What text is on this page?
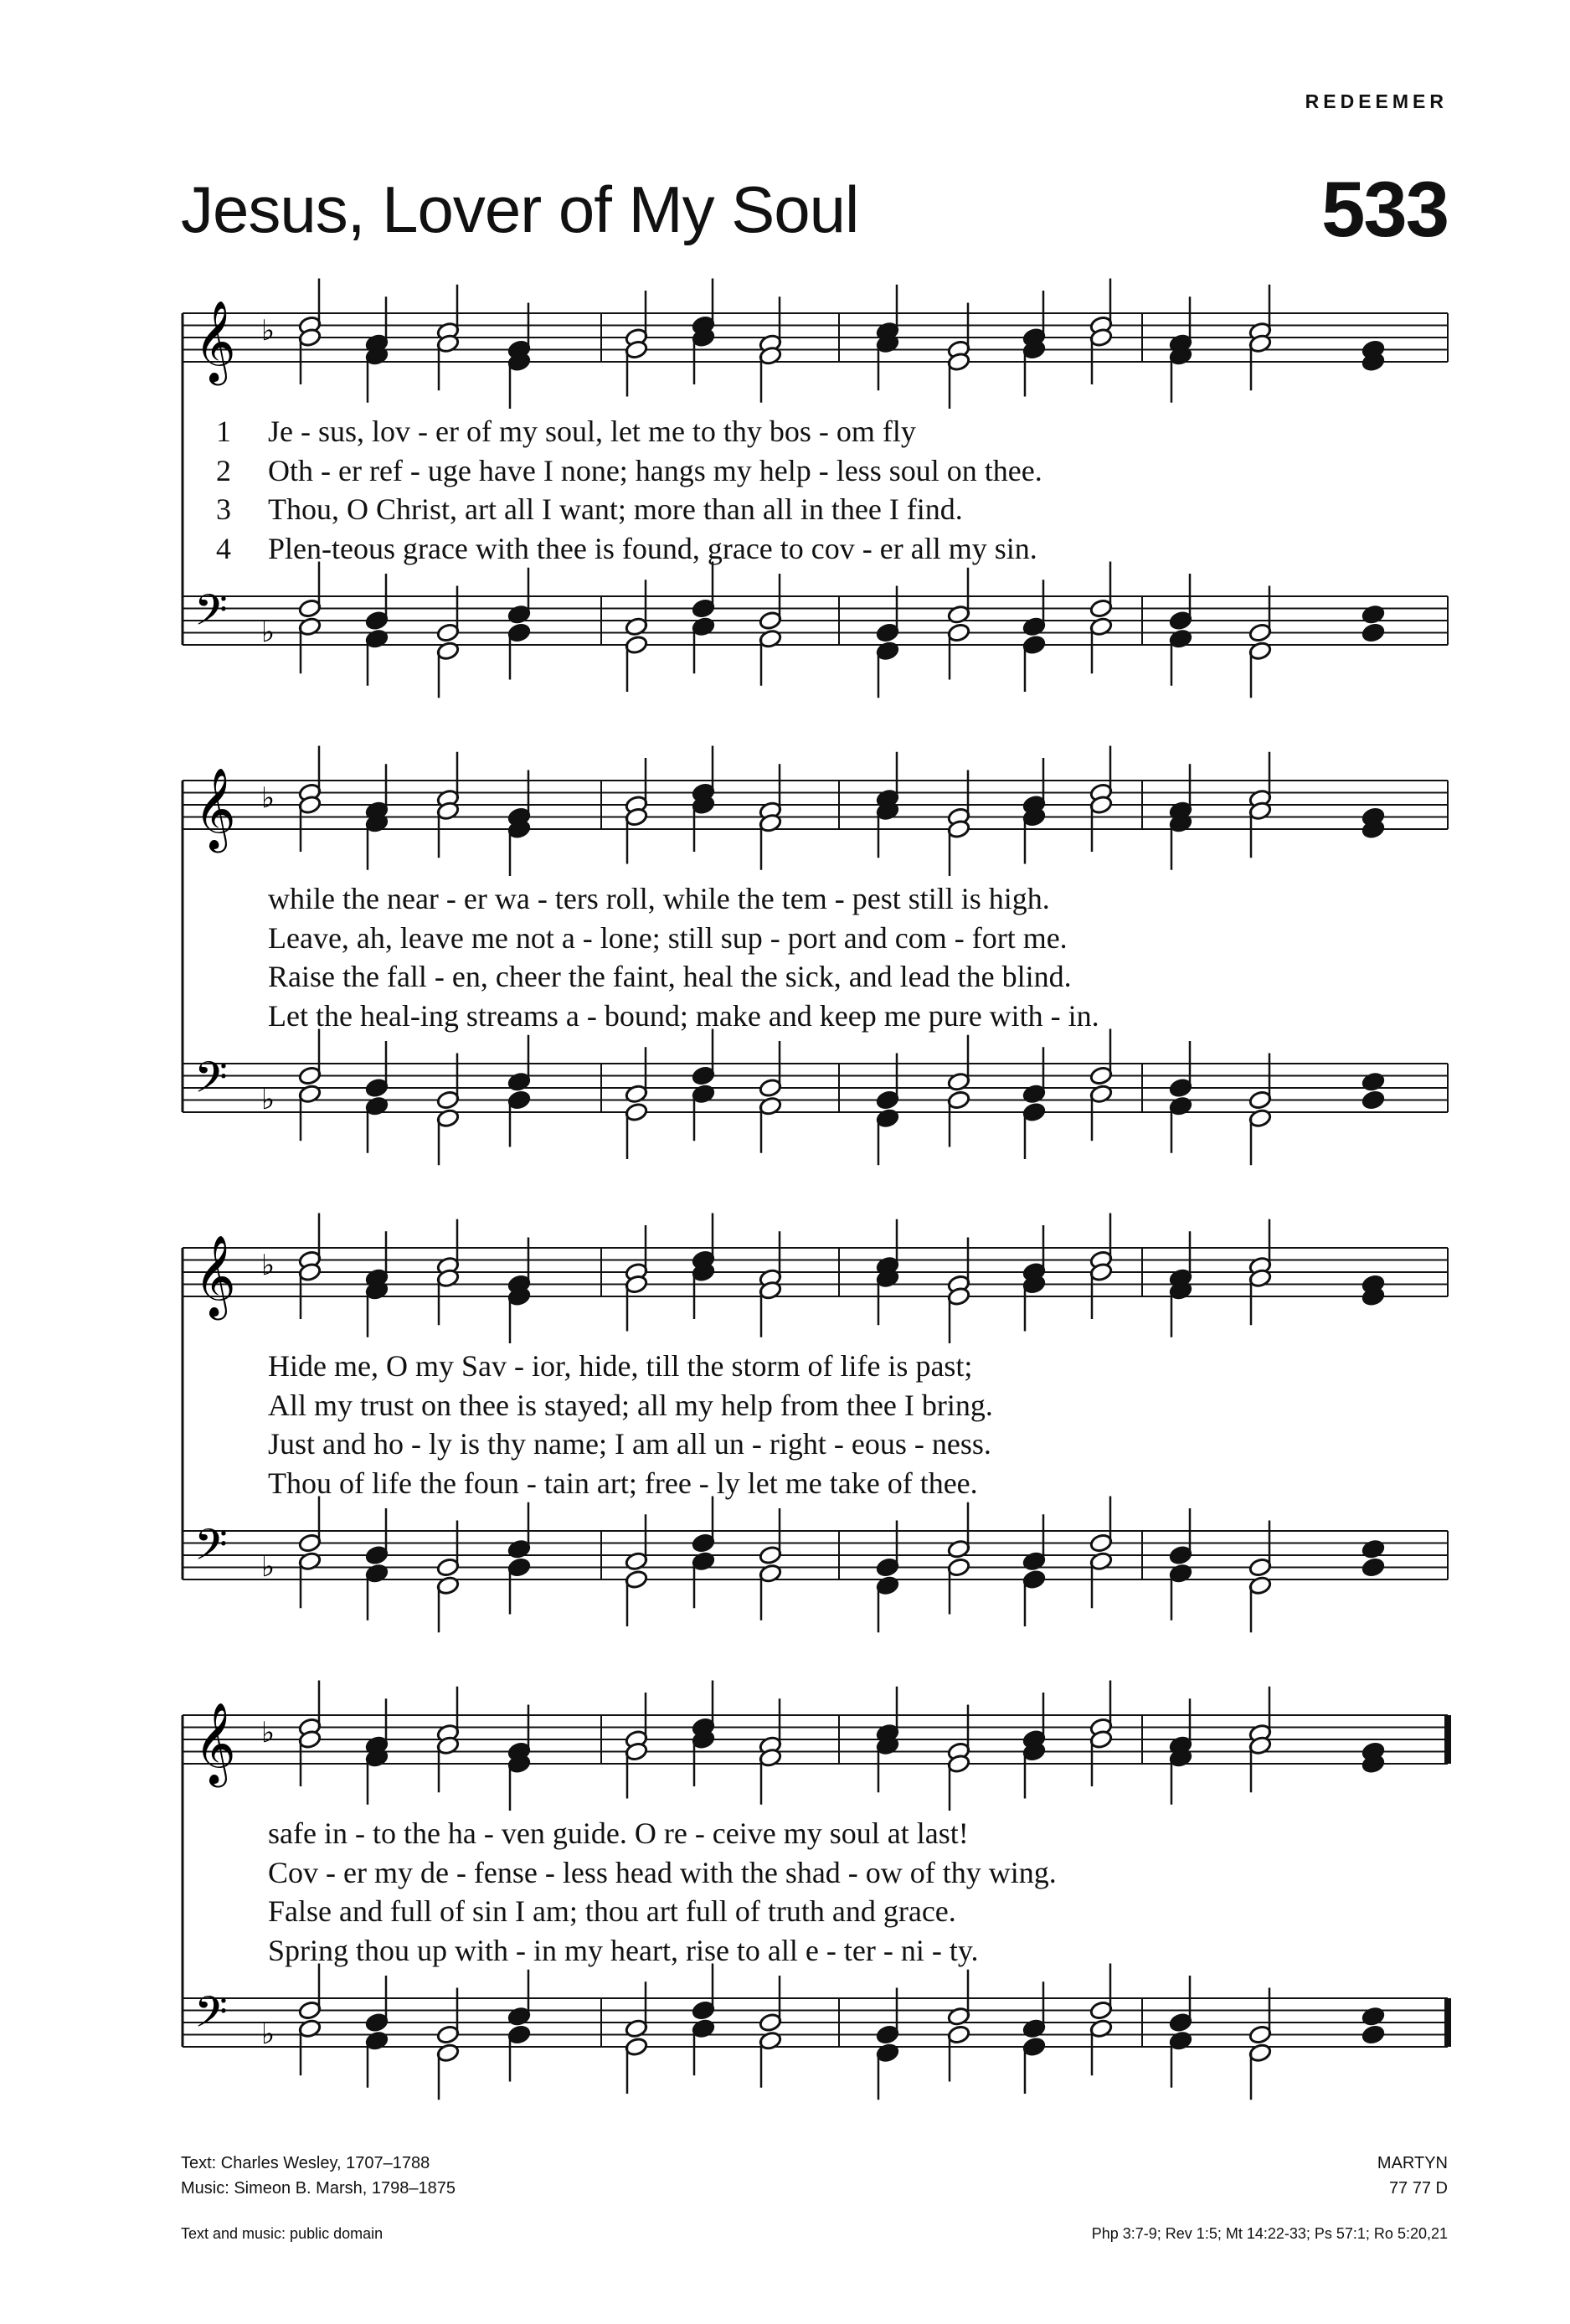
REDEEMER
Jesus, Lover of My Soul	533
𝄞
𝄢
♭
♭
1	Je - sus, lov - er of my soul, let me to thy bos - om fly
2	Oth - er ref - uge have I none; hangs my help - less soul on thee.
3	Thou, O Christ, art all I want; more than all in thee I find.
4	Plen-teous grace with thee is found, grace to cov - er all my sin.
𝄞
𝄢
♭
♭
while the near - er wa - ters roll, while the tem - pest still is high.
Leave, ah, leave me not a - lone; still sup - port and com - fort me.
Raise the fall - en, cheer the faint, heal the sick, and lead the blind.
Let the heal-ing streams a - bound; make and keep me pure with - in.
𝄞
𝄢
♭
♭
Hide me, O my Sav - ior, hide, till the storm of life is past;
All my trust on thee is stayed; all my help from thee I bring.
Just and ho - ly is thy name; I am all un - right - eous - ness.
Thou of life the foun - tain art; free - ly let me take of thee.
𝄞
𝄢
♭
♭
safe in - to the ha - ven guide. O re - ceive my soul at last!
Cov - er my de - fense - less head with the shad - ow of thy wing.
False and full of sin I am; thou art full of truth and grace.
Spring thou up with - in my heart, rise to all e - ter - ni - ty.
Text: Charles Wesley, 1707–1788
Music: Simeon B. Marsh, 1798–1875
Text and music: public domain
MARTYN
77 77 D
Php 3:7-9; Rev 1:5; Mt 14:22-33; Ps 57:1; Ro 5:20,21
